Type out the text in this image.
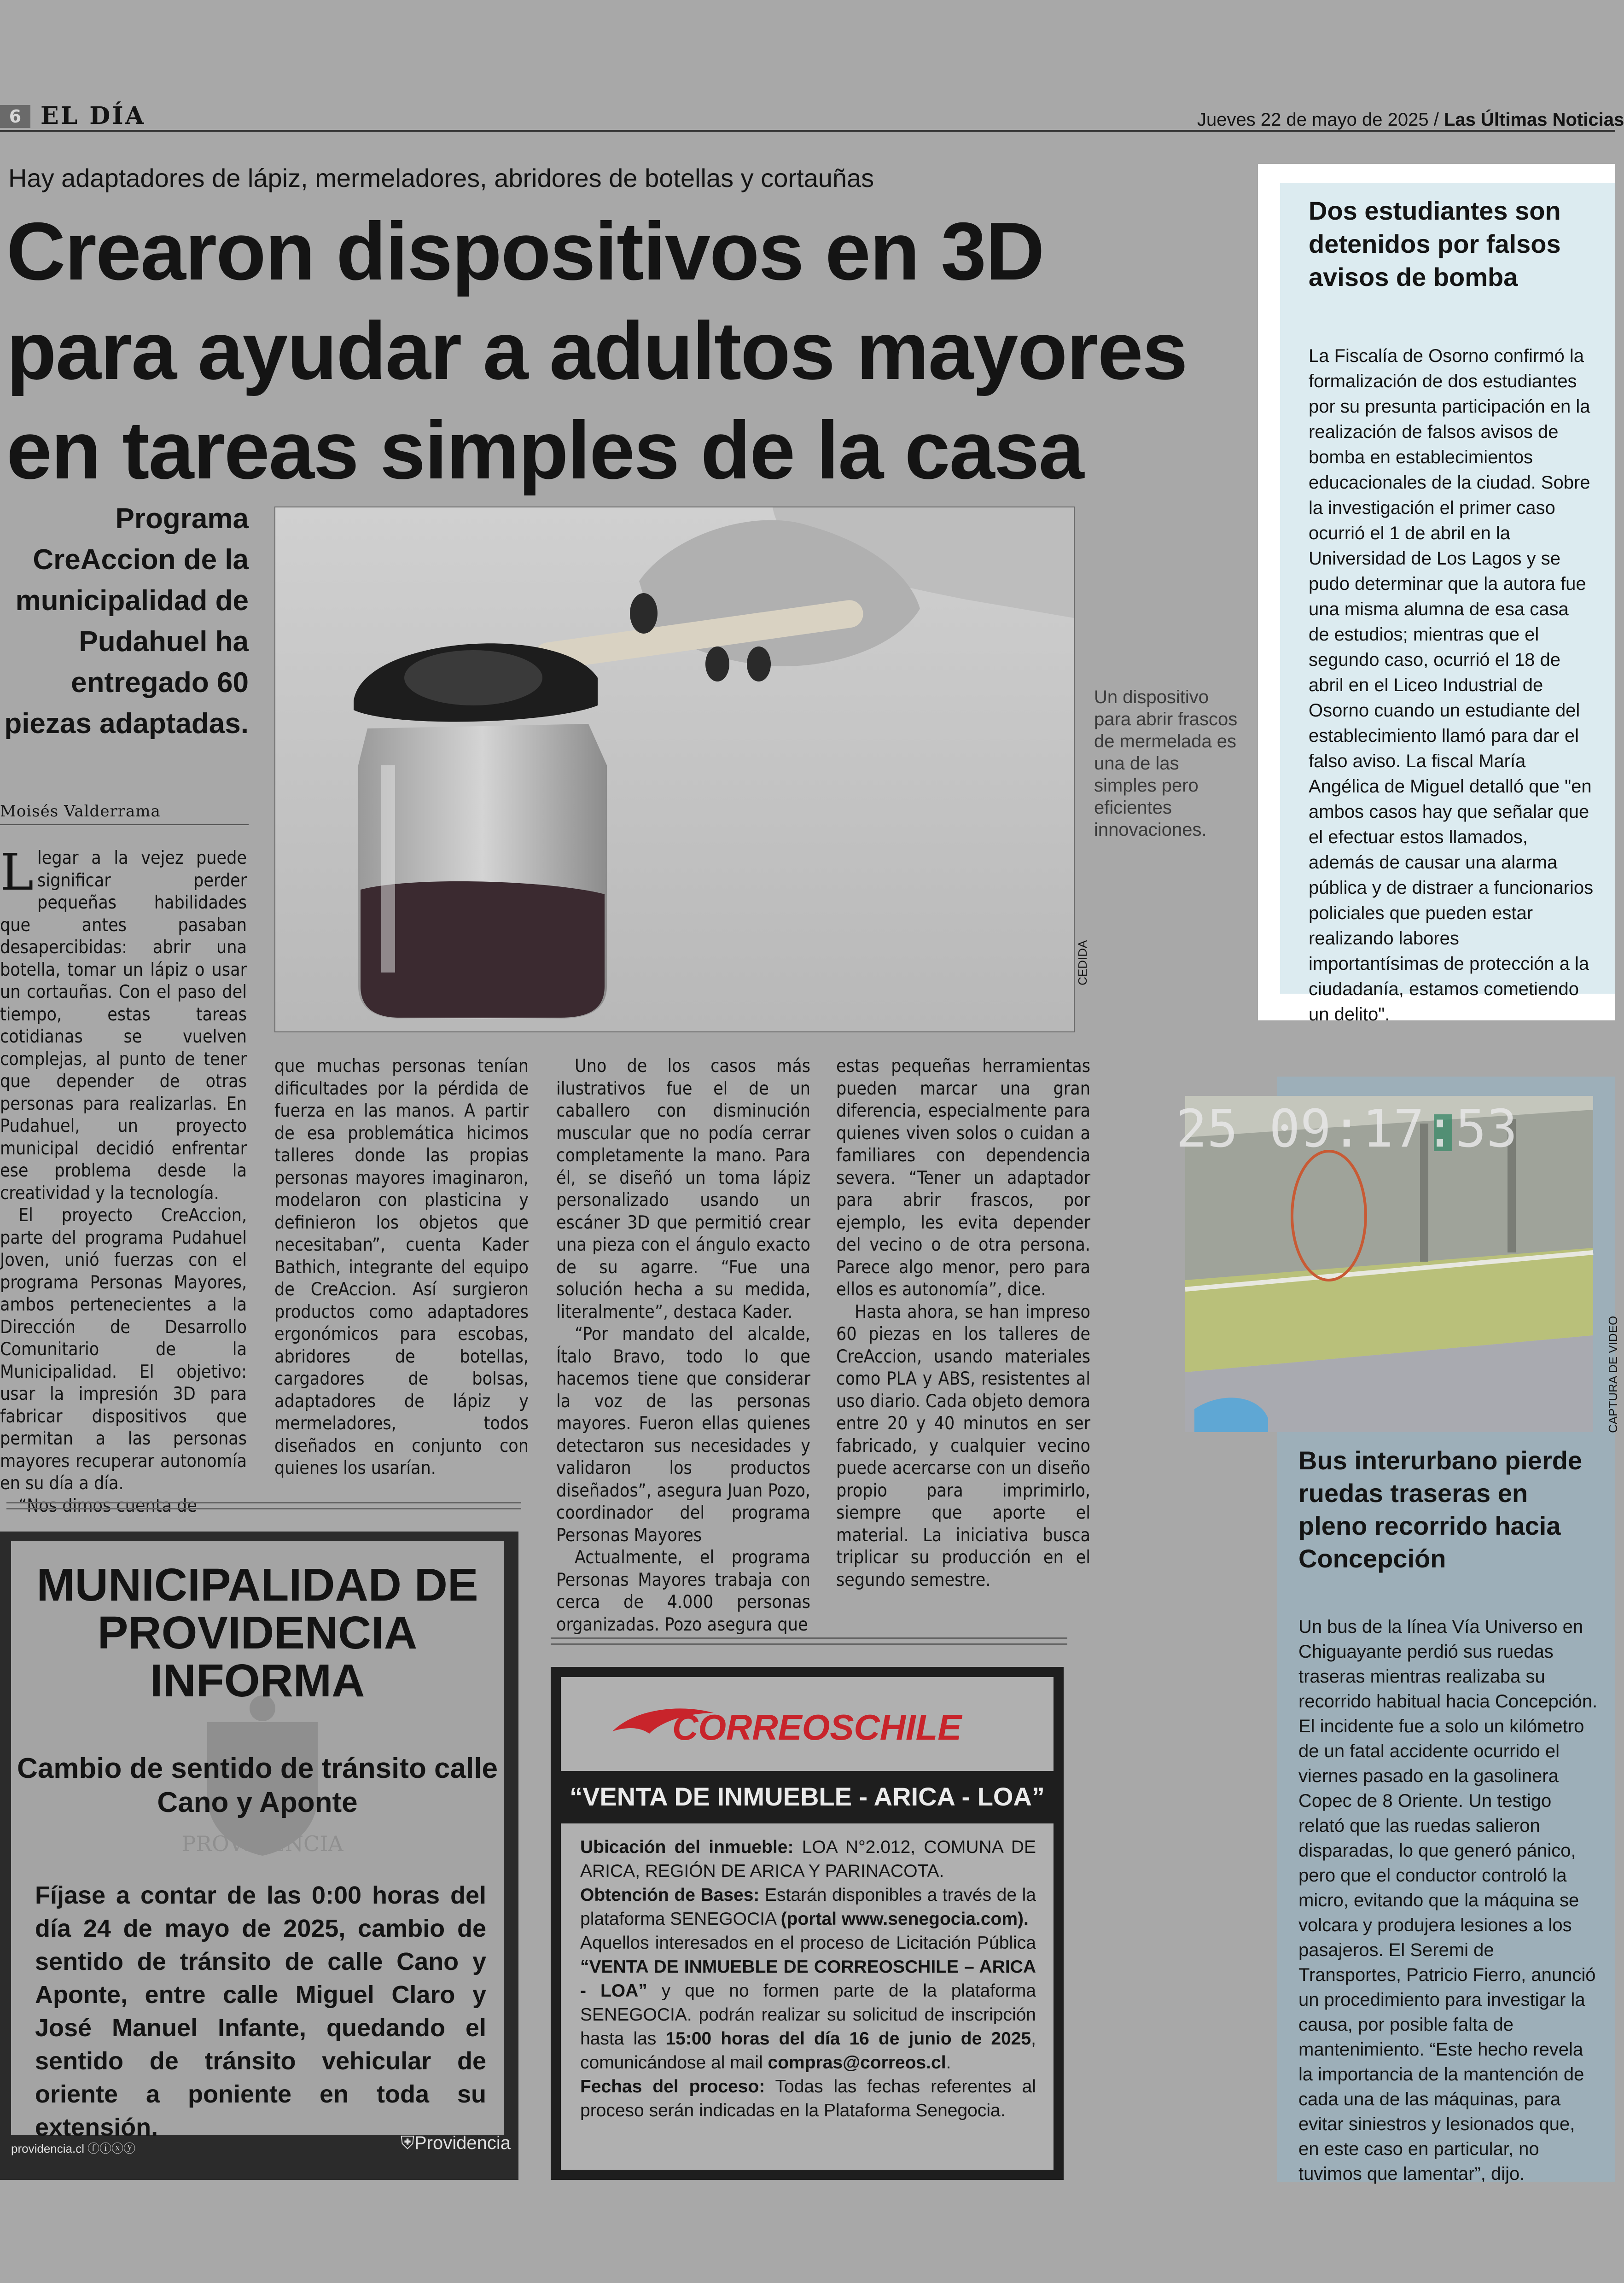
6 EL DÍA	Jueves 22 de mayo de 2025 / Las Últimas Noticias
Hay adaptadores de lápiz, mermeladores, abridores de botellas y cortauñas
Crearon dispositivos en 3D para ayudar a adultos mayores en tareas simples de la casa
Programa CreAccion de la municipalidad de Pudahuel ha entregado 60 piezas adaptadas.
Moisés Valderrama
CEDIDA
Un dispositivo para abrir frascos de mermelada es una de las simples pero eficientes innovaciones.

Llegar a la vejez puede significar perder pequeñas habilidades que antes pasaban desapercibidas: abrir una botella, tomar un lápiz o usar un cortauñas. Con el paso del tiempo, estas tareas cotidianas se vuelven complejas, al punto de tener que depender de otras personas para realizarlas. En Pudahuel, un proyecto municipal decidió enfrentar ese problema desde la creatividad y la tecnología.

El proyecto CreAccion, parte del programa Pudahuel Joven, unió fuerzas con el programa Personas Mayores, ambos pertenecientes a la Dirección de Desarrollo Comunitario de la Municipalidad. El objetivo: usar la impresión 3D para fabricar dispositivos que permitan a las personas mayores recuperar autonomía en su día a día.

“Nos dimos cuenta de

que muchas personas tenían dificultades por la pérdida de fuerza en las manos. A partir de esa problemática hicimos talleres donde las propias personas mayores imaginaron, modelaron con plasticina y definieron los objetos que necesitaban”, cuenta Kader Bathich, integrante del equipo de CreAccion. Así surgieron productos como adaptadores ergonómicos para escobas, abridores de botellas, cargadores de bolsas, adaptadores de lápiz y mermeladores, todos diseñados en conjunto con quienes los usarían.

Uno de los casos más ilustrativos fue el de un caballero con disminución muscular que no podía cerrar completamente la mano. Para él, se diseñó un toma lápiz personalizado usando un escáner 3D que permitió crear una pieza con el ángulo exacto de su agarre. “Fue una solución hecha a su medida, literalmente”, destaca Kader.

“Por mandato del alcalde, Ítalo Bravo, todo lo que hacemos tiene que considerar la voz de las personas mayores. Fueron ellas quienes detectaron sus necesidades y validaron los productos diseñados”, asegura Juan Pozo, coordinador del programa Personas Mayores

Actualmente, el programa Personas Mayores trabaja con cerca de 4.000 personas organizadas. Pozo asegura que

estas pequeñas herramientas pueden marcar una gran diferencia, especialmente para quienes viven solos o cuidan a familiares con dependencia severa. “Tener un adaptador para abrir frascos, por ejemplo, les evita depender del vecino o de otra persona. Parece algo menor, pero para ellos es autonomía”, dice.

Hasta ahora, se han impreso 60 piezas en los talleres de CreAccion, usando materiales como PLA y ABS, resistentes al uso diario. Cada objeto demora entre 20 y 40 minutos en ser fabricado, y cualquier vecino puede acercarse con un diseño propio para imprimirlo, siempre que aporte el material. La iniciativa busca triplicar su producción en el segundo semestre.

Dos estudiantes son detenidos por falsos avisos de bomba
La Fiscalía de Osorno confirmó la formalización de dos estudiantes por su presunta participación en la realización de falsos avisos de bomba en establecimientos educacionales de la ciudad. Sobre la investigación el primer caso ocurrió el 1 de abril en la Universidad de Los Lagos y se pudo determinar que la autora fue una misma alumna de esa casa de estudios; mientras que el segundo caso, ocurrió el 18 de abril en el Liceo Industrial de Osorno cuando un estudiante del establecimiento llamó para dar el falso aviso. La fiscal María Angélica de Miguel detalló que "en ambos casos hay que señalar que el efectuar estos llamados, además de causar una alarma pública y de distraer a funcionarios policiales que pueden estar realizando labores importantísimas de protección a la ciudadanía, estamos cometiendo un delito".
25 09:17:53
CAPTURA DE VIDEO
Bus interurbano pierde ruedas traseras en pleno recorrido hacia Concepción
Un bus de la línea Vía Universo en Chiguayante perdió sus ruedas traseras mientras realizaba su recorrido habitual hacia Concepción. El incidente fue a solo un kilómetro de un fatal accidente ocurrido el viernes pasado en la gasolinera Copec de 8 Oriente. Un testigo relató que las ruedas salieron disparadas, lo que generó pánico, pero que el conductor controló la micro, evitando que la máquina se volcara y produjera lesiones a los pasajeros. El Seremi de Transportes, Patricio Fierro, anunció un procedimiento para investigar la causa, por posible falta de mantenimiento. “Este hecho revela la importancia de la mantención de cada una de las máquinas, para evitar siniestros y lesionados que, en este caso en particular, no tuvimos que lamentar”, dijo.
PROVIDENCIA
MUNICIPALIDAD DE PROVIDENCIA INFORMA
Cambio de sentido de tránsito calle Cano y Aponte
Fíjase a contar de las 0:00 horas del día 24 de mayo de 2025, cambio de sentido de tránsito de calle Cano y Aponte, entre calle Miguel Claro y José Manuel Infante, quedando el sentido de tránsito vehicular de oriente a poniente en toda su extensión.
providencia.cl ⓕⓘⓧⓨ	⛨Providencia
CORREOSCHILE
“VENTA DE INMUEBLE - ARICA - LOA”
Ubicación del inmueble: LOA N°2.012, COMUNA DE ARICA, REGIÓN DE ARICA Y PARINACOTA.
Obtención de Bases: Estarán disponibles a través de la plataforma SENEGOCIA (portal www.senegocia.com).
Aquellos interesados en el proceso de Licitación Pública “VENTA DE INMUEBLE DE CORREOSCHILE – ARICA - LOA” y que no formen parte de la plataforma SENEGOCIA. podrán realizar su solicitud de inscripción hasta las 15:00 horas del día 16 de junio de 2025, comunicándose al mail compras@correos.cl.
Fechas del proceso: Todas las fechas referentes al proceso serán indicadas en la Plataforma Senegocia.
